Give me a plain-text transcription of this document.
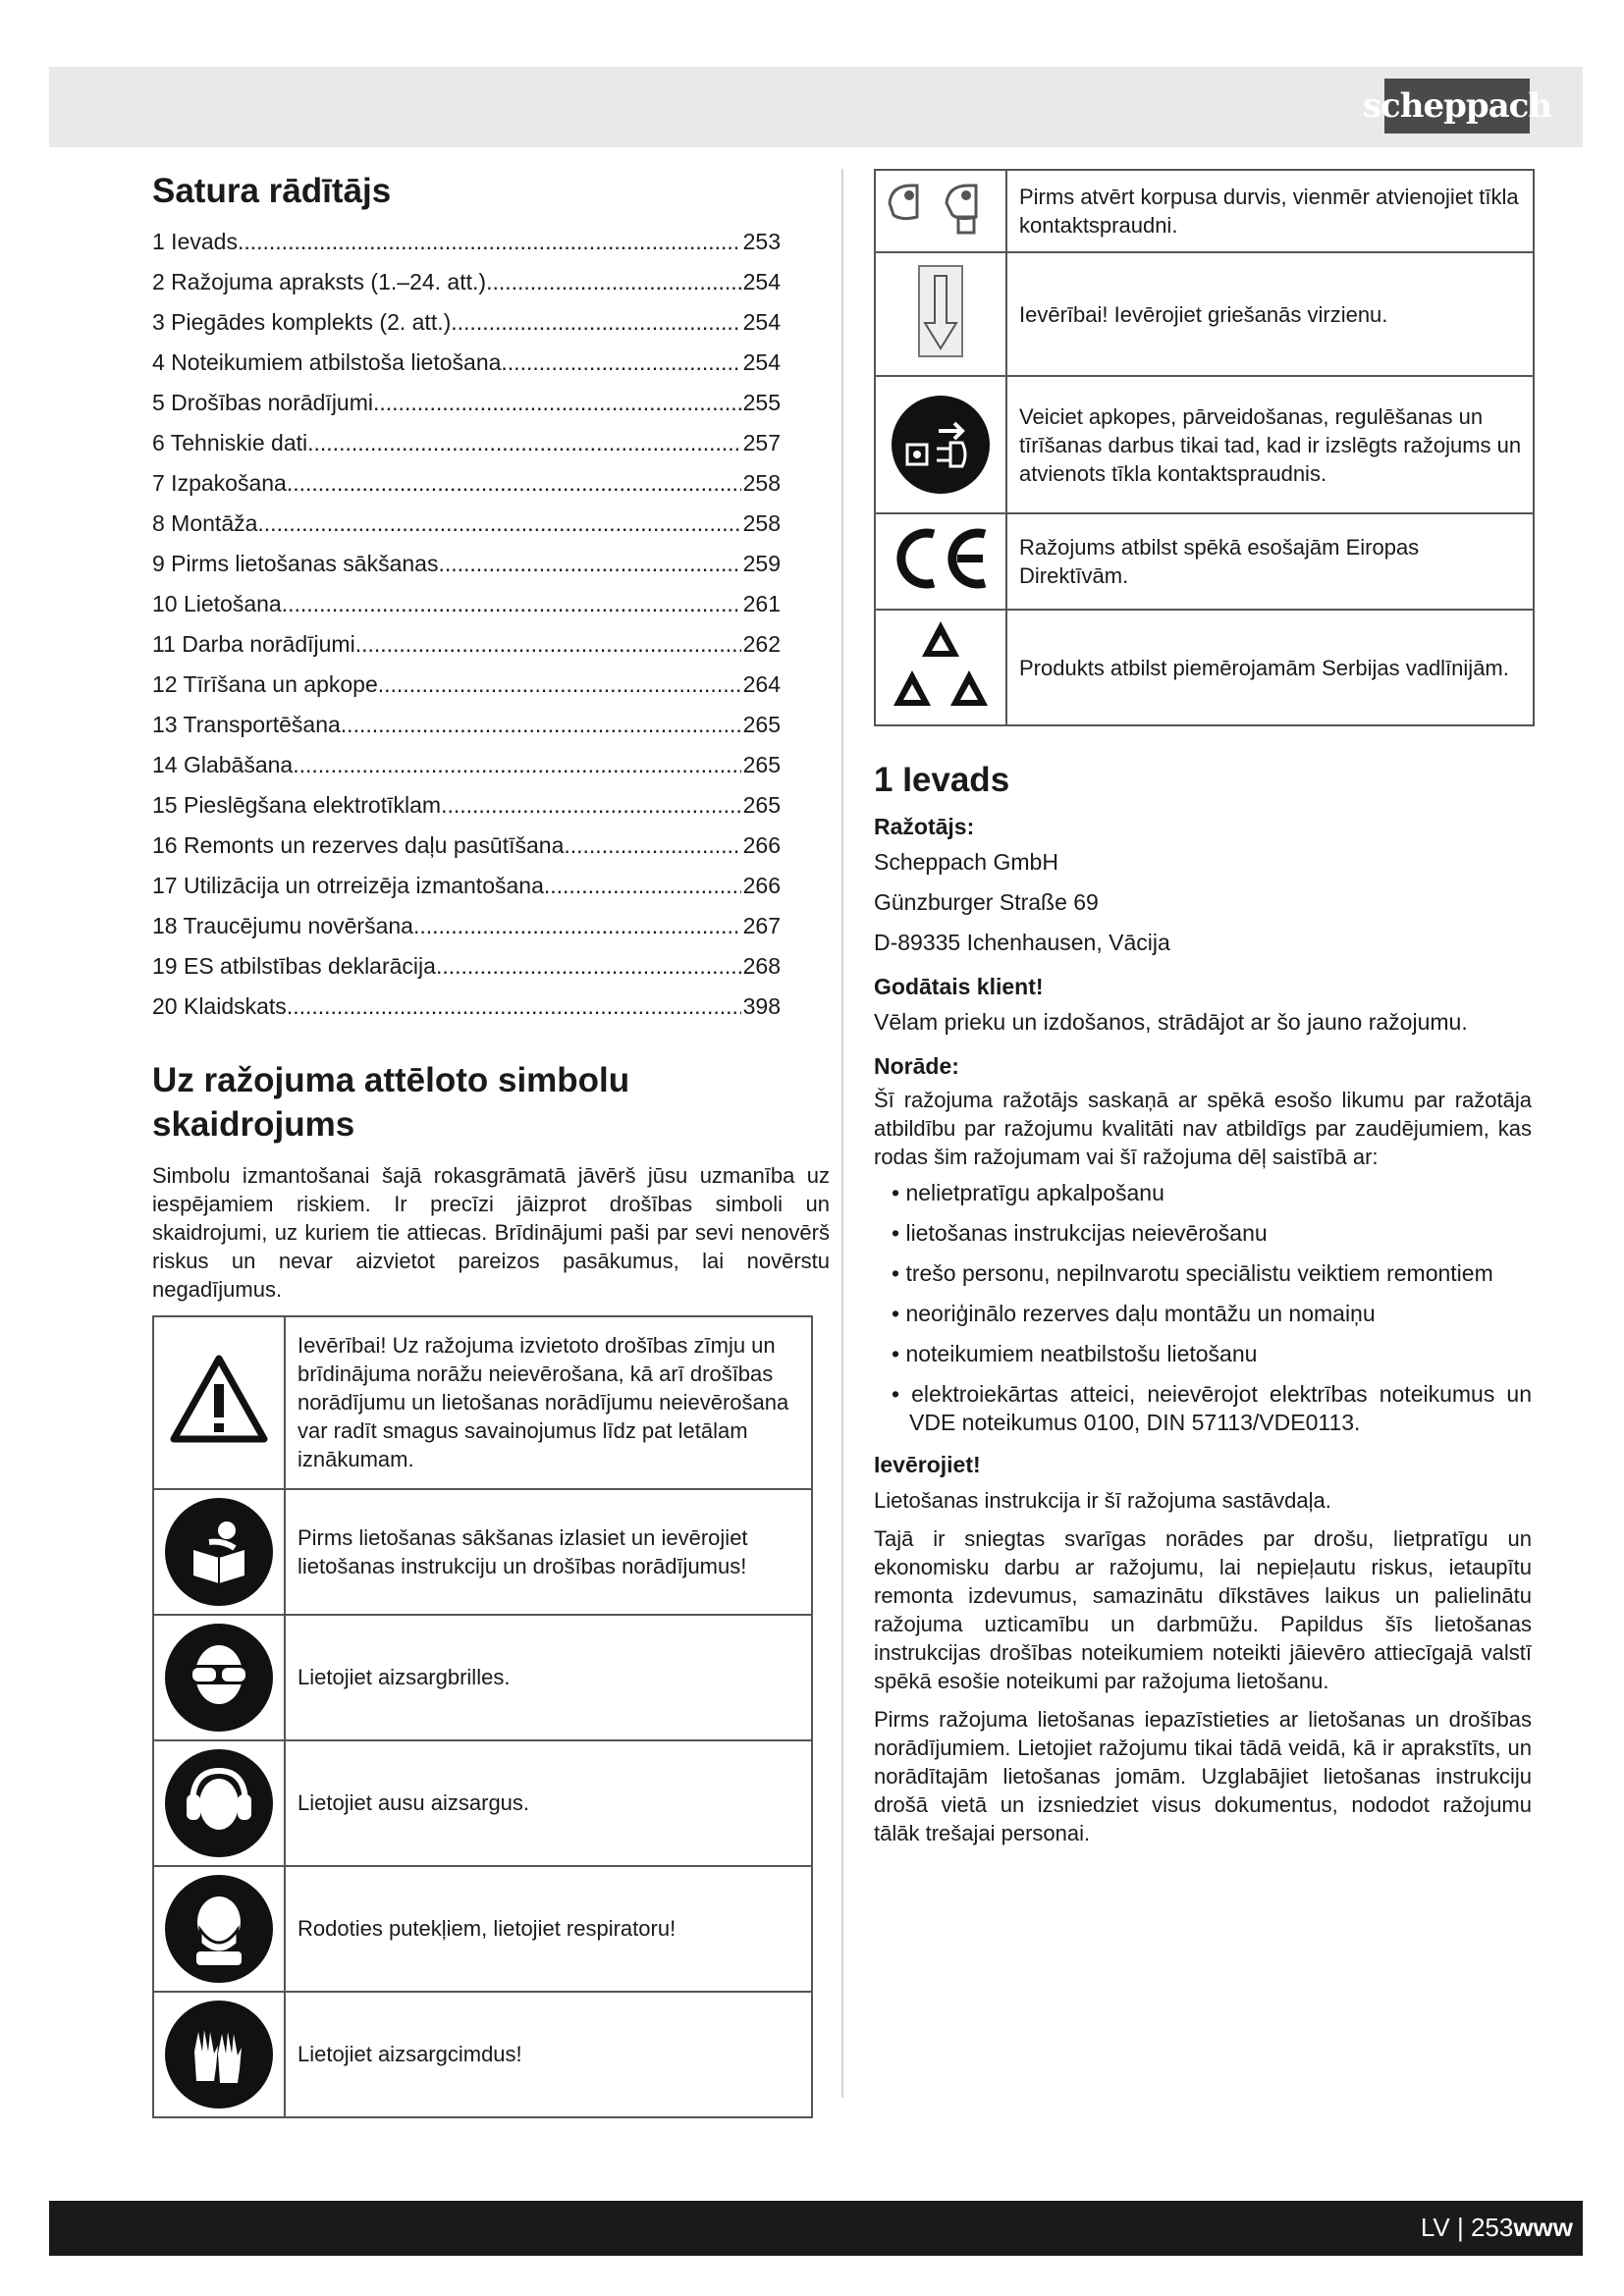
scheppach
Satura rādītājs
1 Ievads .....	253
2 Ražojuma apraksts (1.–24. att.) .....	254
3 Piegādes komplekts (2. att.) .....	254
4 Noteikumiem atbilstoša lietošana .....	254
5 Drošības norādījumi .....	255
6 Tehniskie dati .....	257
7 Izpakošana .....	258
8 Montāža .....	258
9 Pirms lietošanas sākšanas .....	259
10 Lietošana .....	261
11 Darba norādījumi .....	262
12 Tīrīšana un apkope .....	264
13 Transportēšana .....	265
14 Glabāšana .....	265
15 Pieslēgšana elektrotīklam .....	265
16 Remonts un rezerves daļu pasūtīšana .....	266
17 Utilizācija un otrreizēja izmantošana .....	266
18 Traucējumu novēršana .....	267
19 ES atbilstības deklarācija .....	268
20 Klaidskats .....	398
Uz ražojuma attēloto simbolu
skaidrojums
Simbolu izmantošanai šajā rokasgrāmatā jāvērš jūsu uzmanība uz iespējamiem riskiem. Ir precīzi jāizprot drošības simboli un skaidrojumi, uz kuriem tie attiecas. Brīdinājumi paši par sevi nenovērš riskus un nevar aizvietot pareizos pasākumus, lai novērstu negadījumus.
	Ievērībai! Uz ražojuma izvietoto drošības zīmju un brīdinājuma norāžu neievērošana, kā arī drošības norādījumu un lietošanas norādījumu neievērošana var radīt smagus savainojumus līdz pat letālam iznākumam.

	Pirms lietošanas sākšanas izlasiet un ievērojiet lietošanas instrukciju un drošības norādījumus!

	Lietojiet aizsargbrilles.

	Lietojiet ausu aizsargus.

	Rodoties putekļiem, lietojiet respiratoru!

	Lietojiet aizsargcimdus!
	Pirms atvērt korpusa durvis, vienmēr atvienojiet tīkla kontaktspraudni.
	Ievērībai! Ievērojiet griešanās virzienu.

	Veiciet apkopes, pārveidošanas, regulēšanas un tīrīšanas darbus tikai tad, kad ir izslēgts ražojums un atvienots tīkla kontaktspraudnis.
	Ražojums atbilst spēkā esošajām Eiropas Direktīvām.
	Produkts atbilst piemērojamām Serbijas vadlīnijām.
1 Ievads
Ražotājs:
Scheppach GmbH
Günzburger Straße 69
D-89335 Ichenhausen, Vācija
Godātais klient!
Vēlam prieku un izdošanos, strādājot ar šo jauno ražojumu.
Norāde:
Šī ražojuma ražotājs saskaņā ar spēkā esošo likumu par ražotāja atbildību par ražojumu kvalitāti nav atbildīgs par zaudējumiem, kas rodas šim ražojumam vai šī ražojuma dēļ saistībā ar:
• nelietpratīgu apkalpošanu
• lietošanas instrukcijas neievērošanu
• trešo personu, nepilnvarotu speciālistu veiktiem remontiem
• neoriģinālo rezerves daļu montāžu un nomaiņu
• noteikumiem neatbilstošu lietošanu
• elektroiekārtas atteici, neievērojot elektrības noteikumus un VDE noteikumus 0100, DIN 57113/VDE0113.
Ievērojiet!
Lietošanas instrukcija ir šī ražojuma sastāvdaļa.
Tajā ir sniegtas svarīgas norādes par drošu, lietpratīgu un ekonomisku darbu ar ražojumu, lai nepieļautu riskus, ietaupītu remonta izdevumus, samazinātu dīkstāves laikus un palielinātu ražojuma uzticamību un darbmūžu. Papildus šīs lietošanas instrukcijas drošības noteikumiem noteikti jāievēro attiecīgajā valstī spēkā esošie noteikumi par ražojuma lietošanu.
Pirms ražojuma lietošanas iepazīstieties ar lietošanas un drošības norādījumiem. Lietojiet ražojumu tikai tādā veidā, kā ir aprakstīts, un norādītajām lietošanas jomām. Uzglabājiet lietošanas instrukciju drošā vietā un izsniedziet visus dokumentus, nododot ražojumu tālāk trešajai personai.
LV | 253www
